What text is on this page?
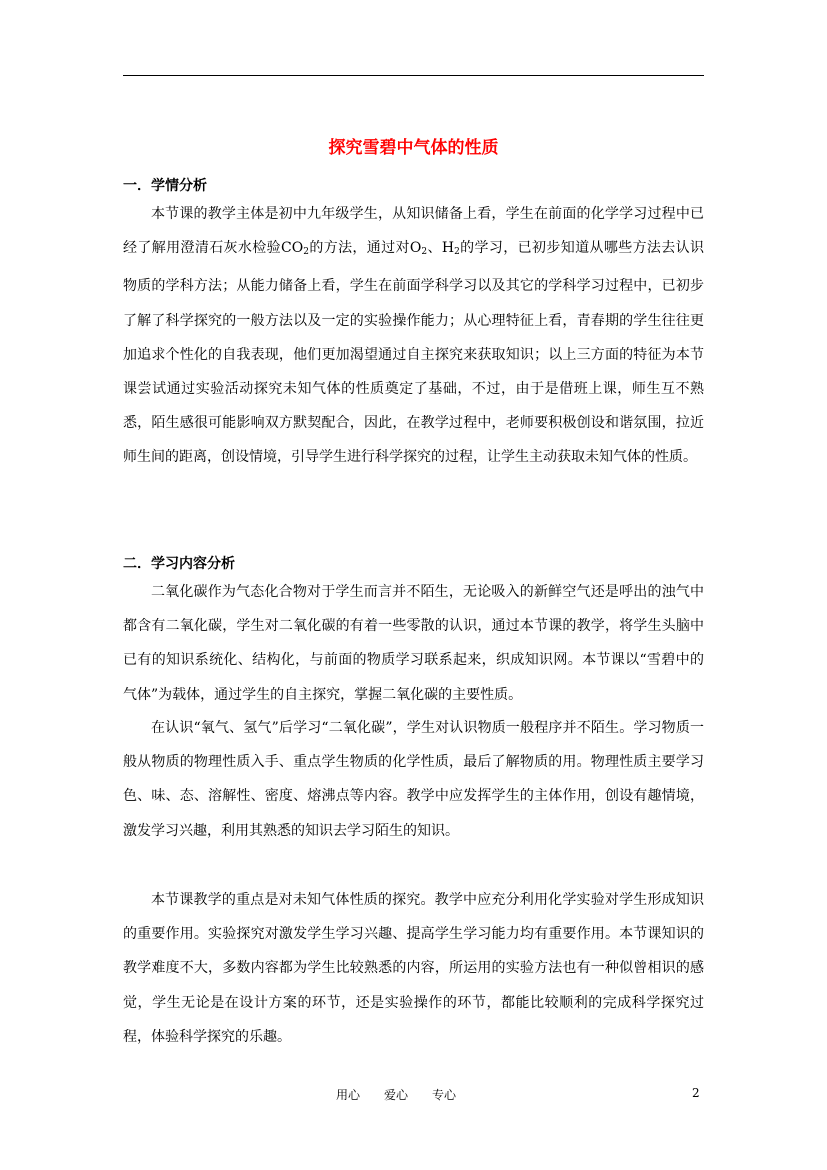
探究雪碧中气体的性质
一．学情分析

本节课的教学主体是初中九年级学生，从知识储备上看，学生在前面的化学学习过程中已经了解用澄清石灰水检验$CO_2$的方法，通过对$O_2$、$H_2$的学习，已初步知道从哪些方法去认识物质的学科方法；从能力储备上看，学生在前面学科学习以及其它的学科学习过程中，已初步了解了科学探究的一般方法以及一定的实验操作能力；从心理特征上看，青春期的学生往往更加追求个性化的自我表现，他们更加渴望通过自主探究来获取知识；以上三方面的特征为本节课尝试通过实验活动探究未知气体的性质奠定了基础，不过，由于是借班上课，师生互不熟悉，陌生感很可能影响双方默契配合，因此，在教学过程中，老师要积极创设和谐氛围，拉近师生间的距离，创设情境，引导学生进行科学探究的过程，让学生主动获取未知气体的性质。

二．学习内容分析

二氧化碳作为气态化合物对于学生而言并不陌生，无论吸入的新鲜空气还是呼出的浊气中都含有二氧化碳，学生对二氧化碳的有着一些零散的认识，通过本节课的教学，将学生头脑中已有的知识系统化、结构化，与前面的物质学习联系起来，织成知识网。本节课以“雪碧中的气体”为载体，通过学生的自主探究，掌握二氧化碳的主要性质。

在认识“氧气、氢气”后学习“二氧化碳”，学生对认识物质一般程序并不陌生。学习物质一般从物质的物理性质入手、重点学生物质的化学性质，最后了解物质的用。物理性质主要学习色、味、态、溶解性、密度、熔沸点等内容。教学中应发挥学生的主体作用，创设有趣情境，激发学习兴趣，利用其熟悉的知识去学习陌生的知识。

本节课教学的重点是对未知气体性质的探究。教学中应充分利用化学实验对学生形成知识的重要作用。实验探究对激发学生学习兴趣、提高学生学习能力均有重要作用。本节课知识的教学难度不大，多数内容都为学生比较熟悉的内容，所运用的实验方法也有一种似曾相识的感觉，学生无论是在设计方案的环节，还是实验操作的环节，都能比较顺利的完成科学探究过程，体验科学探究的乐趣。

用心　　爱心　　专心	2
